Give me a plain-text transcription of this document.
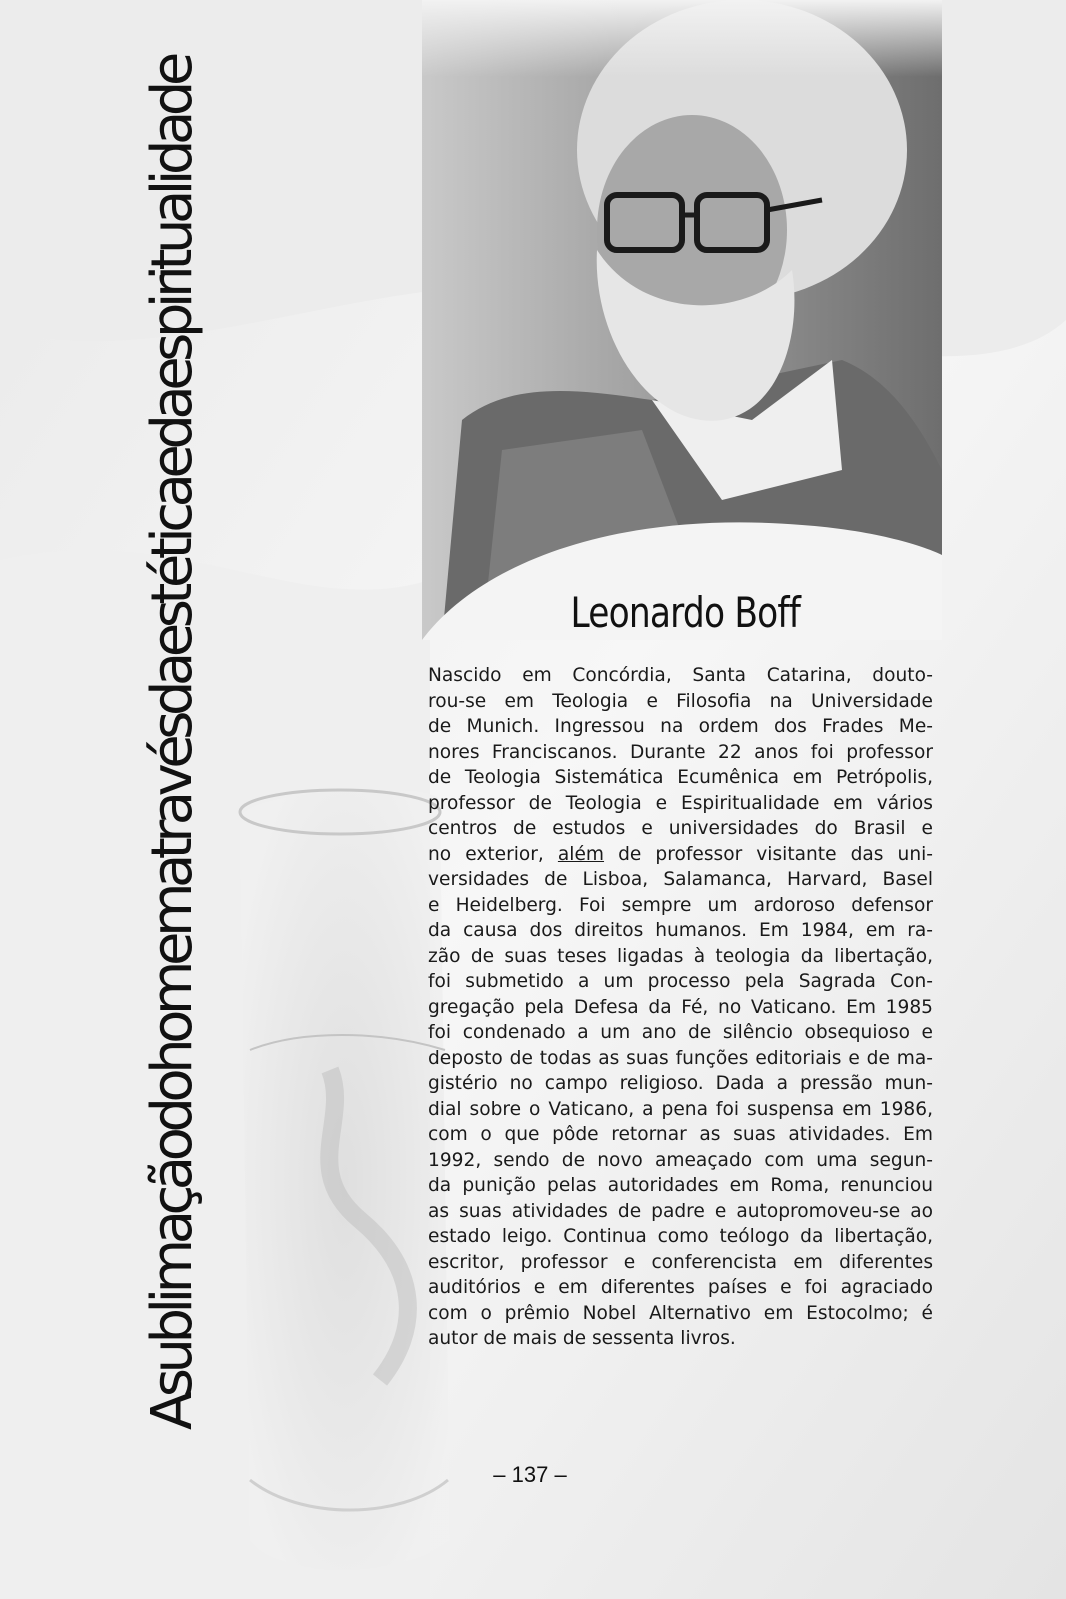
Asublimaçãodohomematravésdaestéticaedaespiritualidade	Leonardo Boff
Nascido em Concórdia, Santa Catarina, douto-
rou-se em Teologia e Filosofia na Universidade
de Munich. Ingressou na ordem dos Frades Me-
nores Franciscanos. Durante 22 anos foi professor
de Teologia Sistemática Ecumênica em Petrópolis,
professor de Teologia e Espiritualidade em vários
centros de estudos e universidades do Brasil e
no exterior, além de professor visitante das uni-
versidades de Lisboa, Salamanca, Harvard, Basel
e Heidelberg. Foi sempre um ardoroso defensor
da causa dos direitos humanos. Em 1984, em ra-
zão de suas teses ligadas à teologia da libertação,
foi submetido a um processo pela Sagrada Con-
gregação pela Defesa da Fé, no Vaticano. Em 1985
foi condenado a um ano de silêncio obsequioso e
deposto de todas as suas funções editoriais e de ma-
gistério no campo religioso. Dada a pressão mun-
dial sobre o Vaticano, a pena foi suspensa em 1986,
com o que pôde retornar as suas atividades. Em
1992, sendo de novo ameaçado com uma segun-
da punição pelas autoridades em Roma, renunciou
as suas atividades de padre e autopromoveu-se ao
estado leigo. Continua como teólogo da libertação,
escritor, professor e conferencista em diferentes
auditórios e em diferentes países e foi agraciado
com o prêmio Nobel Alternativo em Estocolmo; é
autor de mais de sessenta livros.
– 137 –
